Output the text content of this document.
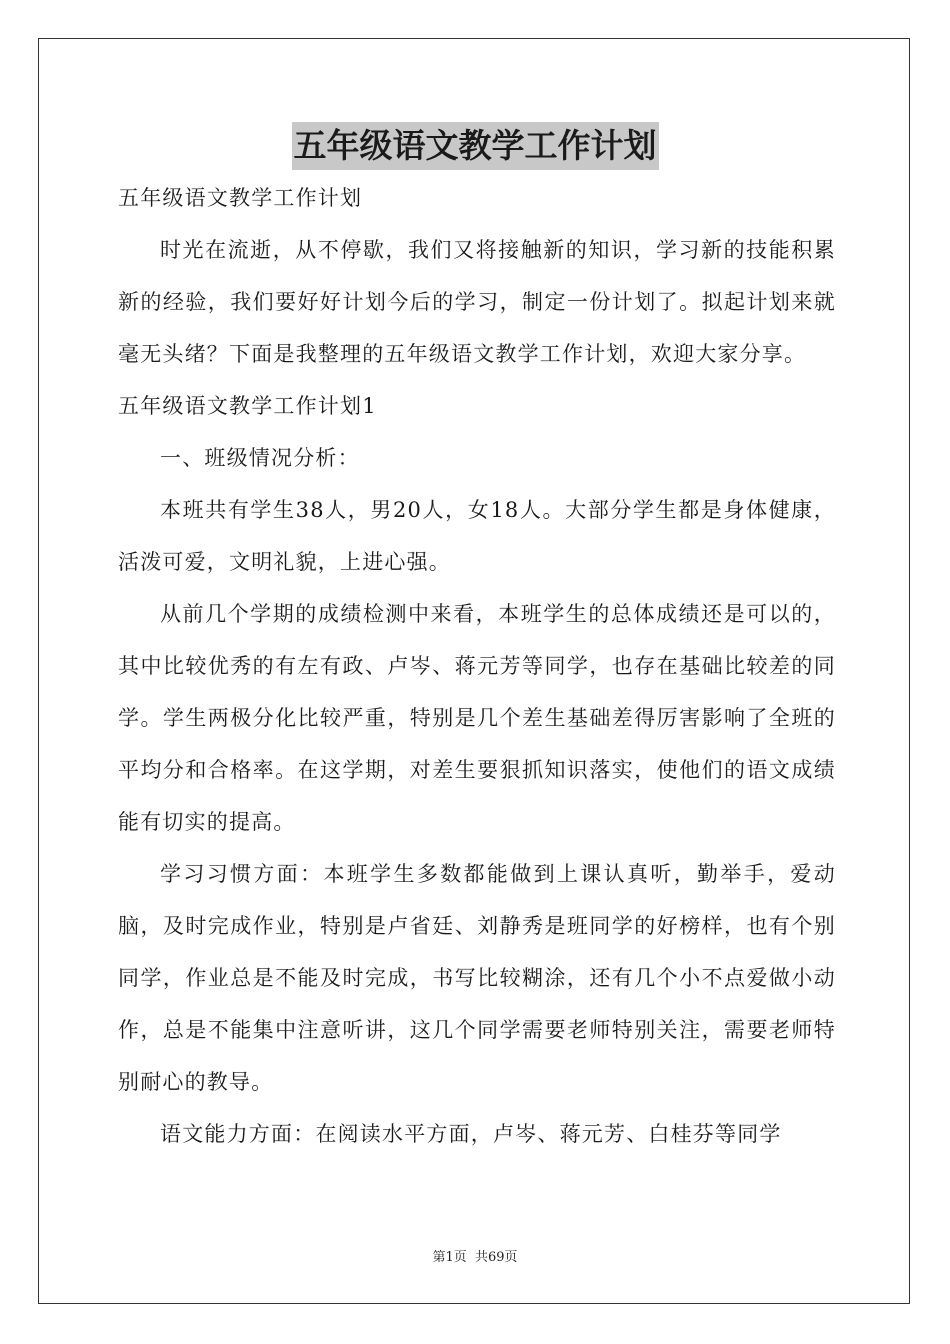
五年级语文教学工作计划

五年级语文教学工作计划

时光在流逝，从不停歇，我们又将接触新的知识，学习新的技能积累新的经验，我们要好好计划今后的学习，制定一份计划了。拟起计划来就毫无头绪？下面是我整理的五年级语文教学工作计划，欢迎大家分享。

五年级语文教学工作计划1

一、班级情况分析：

本班共有学生38人，男20人，女18人。大部分学生都是身体健康，活泼可爱，文明礼貌，上进心强。

从前几个学期的成绩检测中来看，本班学生的总体成绩还是可以的，其中比较优秀的有左有政、卢岑、蒋元芳等同学，也存在基础比较差的同学。学生两极分化比较严重，特别是几个差生基础差得厉害影响了全班的平均分和合格率。在这学期，对差生要狠抓知识落实，使他们的语文成绩能有切实的提高。

学习习惯方面：本班学生多数都能做到上课认真听，勤举手，爱动脑，及时完成作业，特别是卢省廷、刘静秀是班同学的好榜样，也有个别同学，作业总是不能及时完成，书写比较糊涂，还有几个小不点爱做小动作，总是不能集中注意听讲，这几个同学需要老师特别关注，需要老师特别耐心的教导。

语文能力方面：在阅读水平方面，卢岑、蒋元芳、白桂芬等同学

第1页 共69页
